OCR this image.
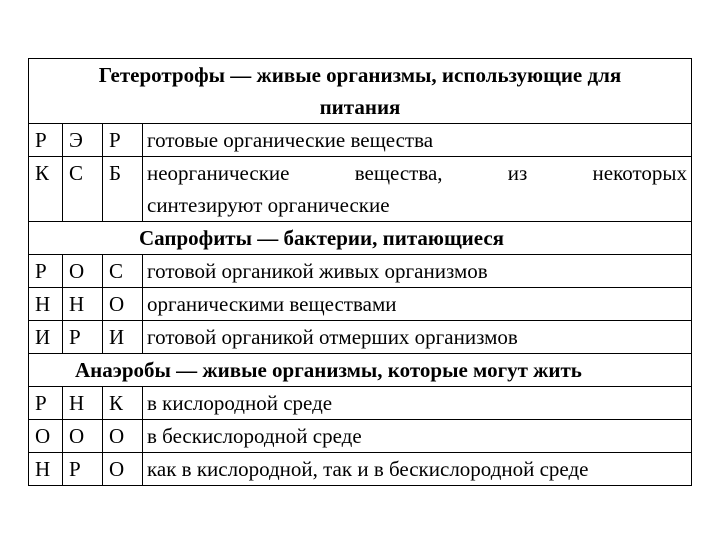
Гетеротрофы — живые организмы, использующие для
питания			
Р	Э	Р	готовые органические вещества
К	С	Б	неорганические вещества, из некоторых
синтезируют органические
Сапрофиты — бактерии, питающиеся			
Р	О	С	готовой органикой живых организмов
Н	Н	О	органическими веществами
И	Р	И	готовой органикой отмерших организмов
Анаэробы — живые организмы, которые могут жить			
Р	Н	К	в кислородной среде
О	О	О	в бескислородной среде
Н	Р	О	как в кислородной, так и в бескислородной среде
